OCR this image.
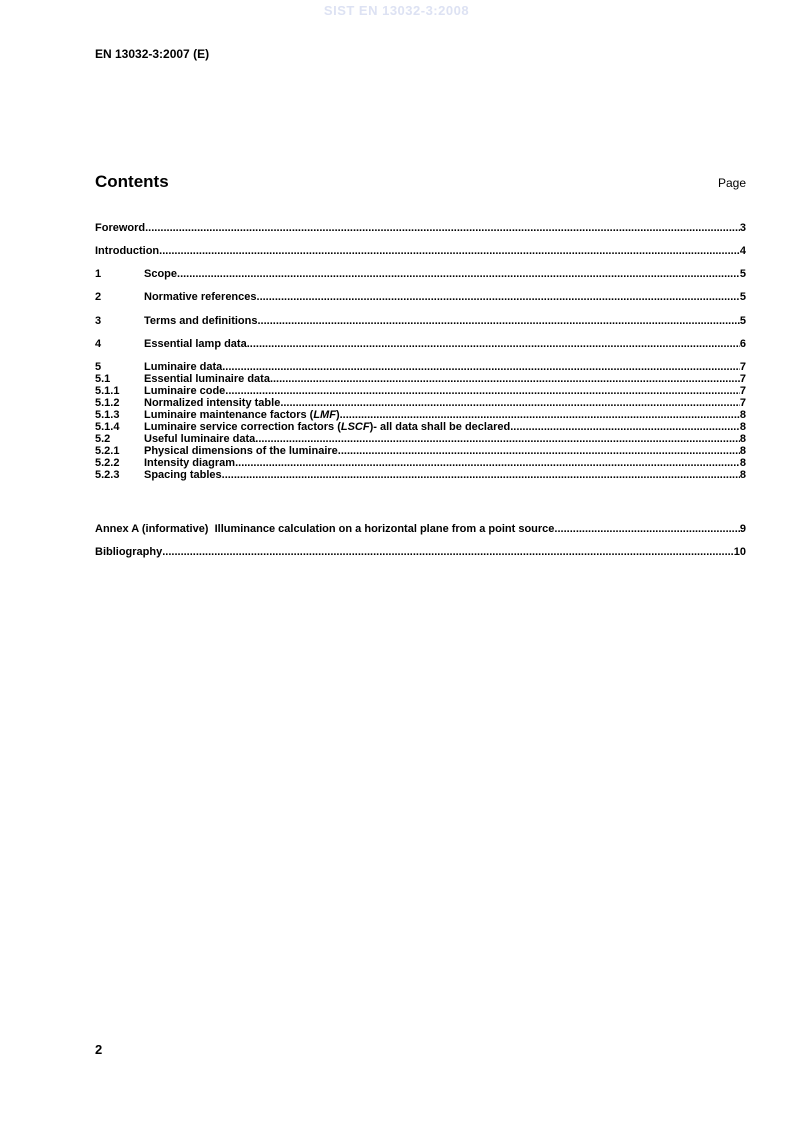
SIST EN 13032-3:2008
EN 13032-3:2007 (E)
Contents	Page
Foreword .....	3
Introduction .....	4
1	Scope .....	5
2	Normative references .....	5
3	Terms and definitions .....	5
4	Essential lamp data .....	6
5	Luminaire data .....	7
5.1	Essential luminaire data .....	7
5.1.1	Luminaire code .....	7
5.1.2	Normalized intensity table .....	7
5.1.3	Luminaire maintenance factors (LMF) .....	8
5.1.4	Luminaire service correction factors (LSCF)- all data shall be declared .....	8
5.2	Useful luminaire data .....	8
5.2.1	Physical dimensions of the luminaire .....	8
5.2.2	Intensity diagram .....	8
5.2.3	Spacing tables .....	8
Annex A (informative)  Illuminance calculation on a horizontal plane from a point source .....	9
Bibliography .....	10
2
